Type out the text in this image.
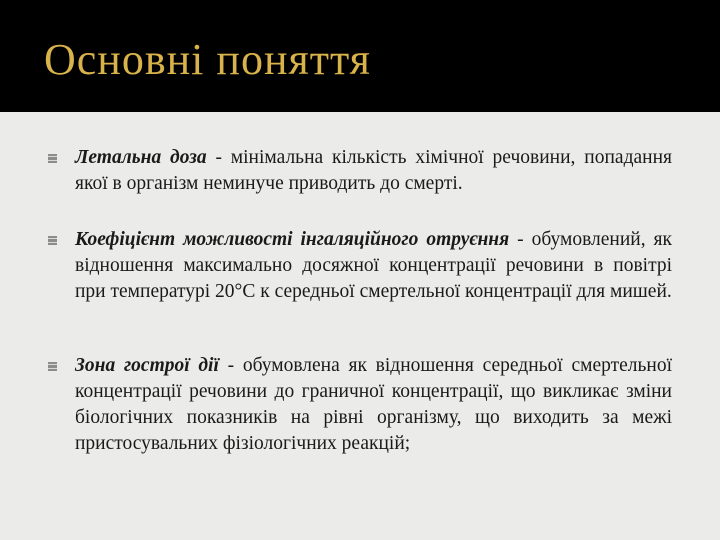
Основні поняття

Летальна доза - мінімальна кількість хімічної речовини, попадання якої в організм неминуче приводить до смерті.

Коефіцієнт можливості інгаляційного отруєння - обумовлений, як відношення максимально досяжної концентрації речовини в повітрі при температурі 20°С к середньої смертельної концентрації для мишей.

Зона гострої дії - обумовлена як відношення середньої смертельної концентрації речовини до граничної концентрації, що викликає зміни біологічних показників на рівні організму, що виходить за межі пристосувальних фізіологічних реакцій;
